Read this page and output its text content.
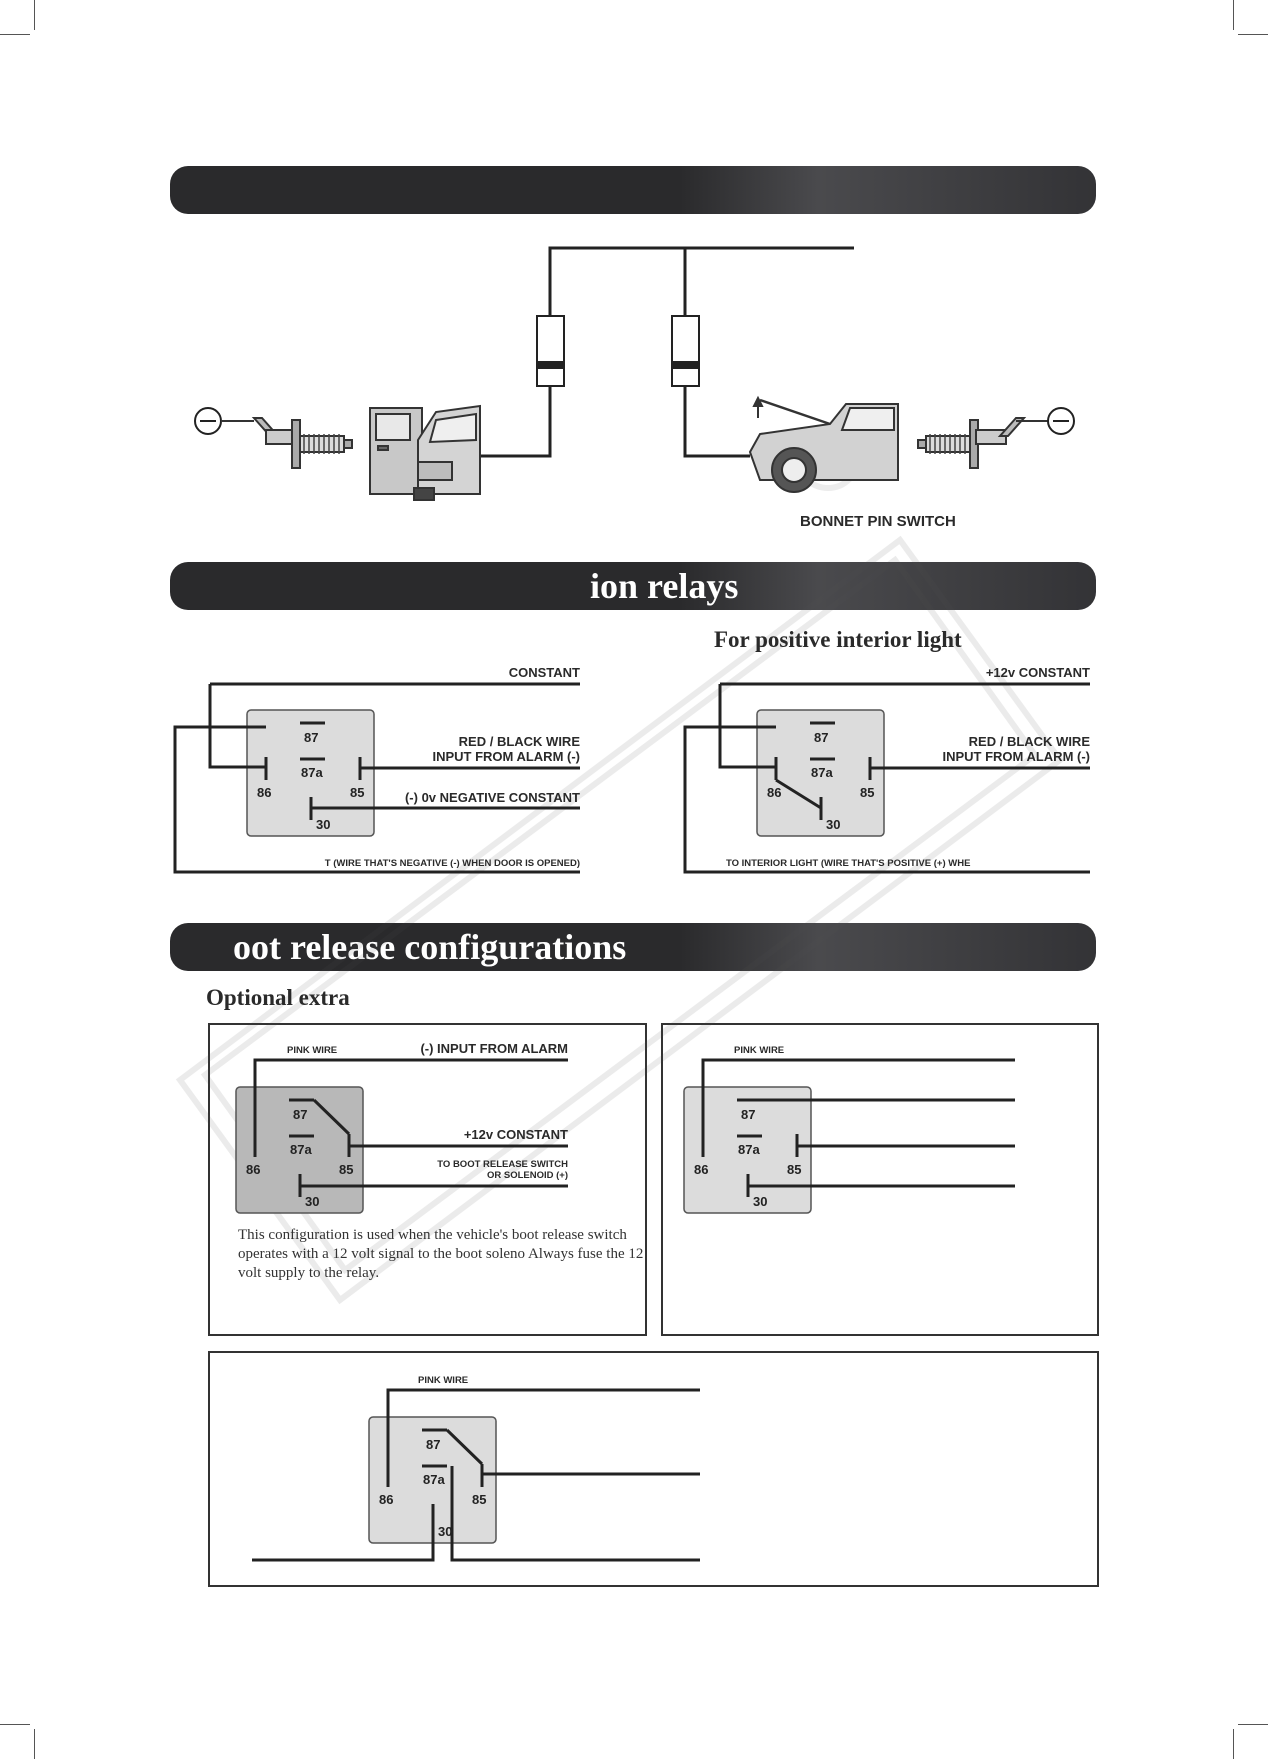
ion relays
oot release configurations
BONNET PIN SWITCH
For positive interior light
CONSTANT
RED / BLACK WIRE
INPUT FROM ALARM (-)
(-) 0v NEGATIVE CONSTANT
T (WIRE THAT'S NEGATIVE (-) WHEN DOOR IS OPENED)
+12v CONSTANT
RED / BLACK WIRE
INPUT FROM ALARM (-)
TO INTERIOR LIGHT (WIRE THAT'S POSITIVE (+) WHE
87
87a
86	85
30
87
87a
86	85
30
Optional extra
PINK WIRE	(-) INPUT FROM ALARM
+12v CONSTANT
TO BOOT RELEASE SWITCH
OR SOLENOID (+)
This configuration is used when the vehicle's boot release switch operates with a 12 volt signal to the boot soleno Always fuse the 12 volt supply to the relay.
87
87a
86	85
30
PINK WIRE
87
87a
86	85
30
PINK WIRE
87
87a
86	85
30
